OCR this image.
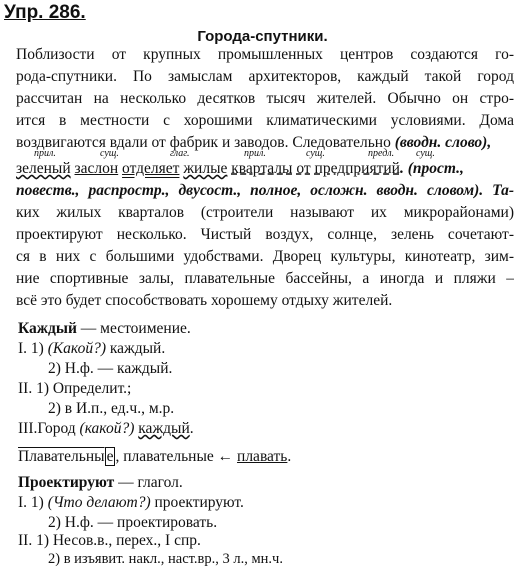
Упр. 286.
Города-спутники.
Поблизости от крупных промышленных центров создаются го-
рода-спутники. По замыслам архитекторов, каждый такой город
рассчитан на несколько десятков тысяч жителей. Обычно он стро-
ится в местности с хорошими климатическими условиями. Дома
воздвигаются вдали от фабрик и заводов. Следовательно (вводн. слово),
прил.	сущ.	глаг.	прил.	сущ.	предл. сущ.
зеленый заслон отделяет жилые кварталы от предприятий. (прост.,
повеств., распростр., двусост., полное, осложн. вводн. словом). Та-
ких жилых кварталов (строители называют их микрорайонами)
проектируют несколько. Чистый воздух, солнце, зелень сочетают-
ся в них с большими удобствами. Дворец культуры, кинотеатр, зим-
ние спортивные залы, плавательные бассейны, а иногда и пляжи –
всё это будет способствовать хорошему отдыху жителей.
Каждый — местоимение.
I. 1) (Какой?) каждый.
2) Н.ф. — каждый.
II. 1) Определит.;
2) в И.п., ед.ч., м.р.
III.Город (какой?) каждый.
Плавательны е , плавательные ← плавать.
Проектируют — глагол.
I. 1) (Что делают?) проектируют.
2) Н.ф. — проектировать.
II. 1) Несов.в., перех., I спр.
2) в изъявит. накл., наст.вр., 3 л., мн.ч.
